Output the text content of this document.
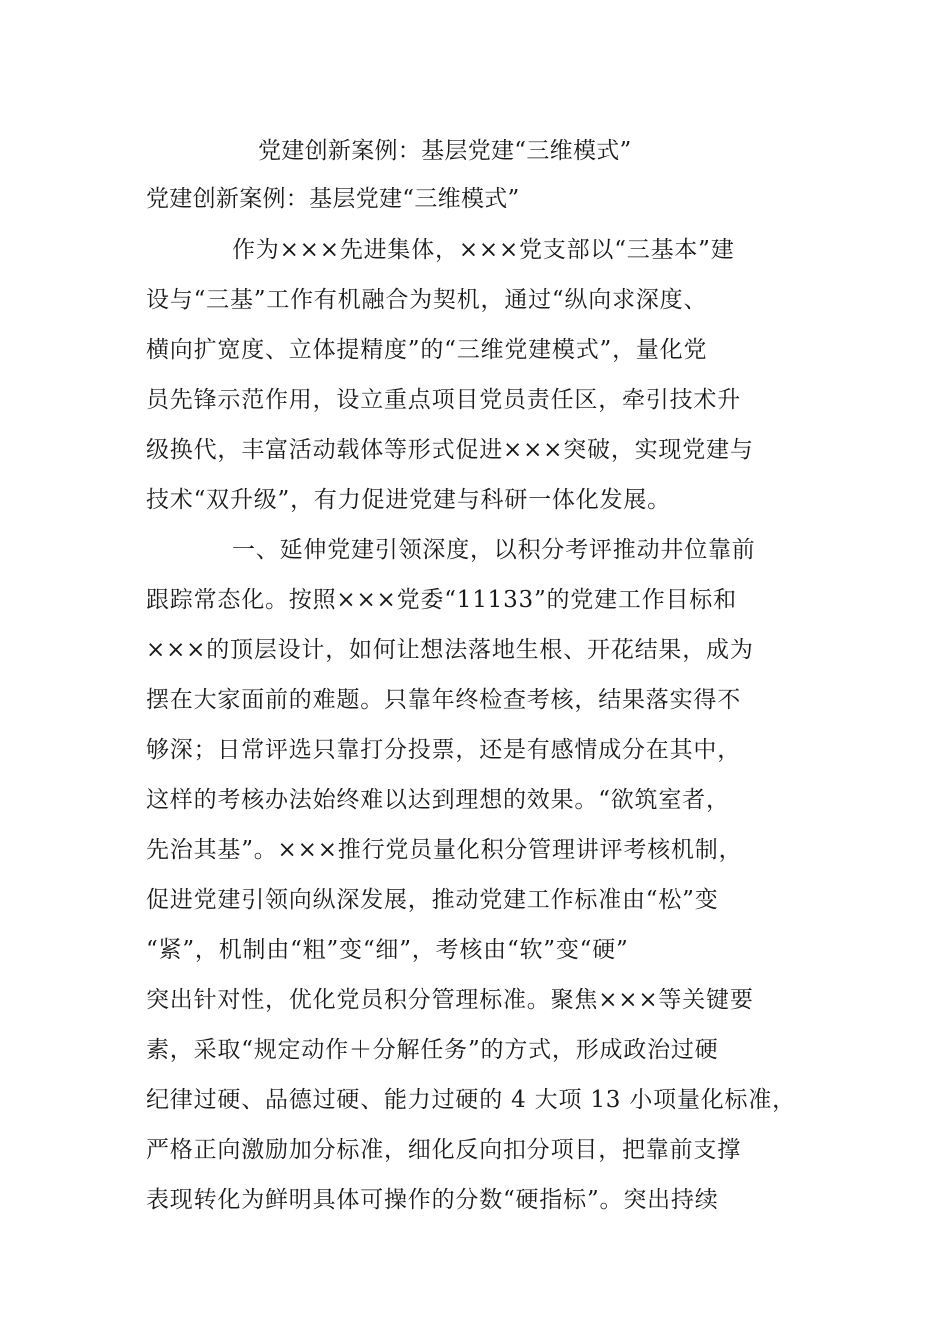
党建创新案例：基层党建“三维模式”
党建创新案例：基层党建“三维模式”
作为×××先进集体，×××党支部以“三基本”建
设与“三基”工作有机融合为契机，通过“纵向求深度、
横向扩宽度、立体提精度”的“三维党建模式”，量化党
员先锋示范作用，设立重点项目党员责任区，牵引技术升
级换代，丰富活动载体等形式促进×××突破，实现党建与
技术“双升级”，有力促进党建与科研一体化发展。
一、延伸党建引领深度，以积分考评推动井位靠前
跟踪常态化。按照×××党委“11133”的党建工作目标和
×××的顶层设计，如何让想法落地生根、开花结果，成为
摆在大家面前的难题。只靠年终检查考核，结果落实得不
够深；日常评选只靠打分投票，还是有感情成分在其中，
这样的考核办法始终难以达到理想的效果。“欲筑室者，
先治其基”。×××推行党员量化积分管理讲评考核机制，
促进党建引领向纵深发展，推动党建工作标准由“松”变
“紧”，机制由“粗”变“细”，考核由“软”变“硬”
突出针对性，优化党员积分管理标准。聚焦×××等关键要
素，采取“规定动作＋分解任务”的方式，形成政治过硬
纪律过硬、品德过硬、能力过硬的 4 大项 13 小项量化标准，
严格正向激励加分标准，细化反向扣分项目，把靠前支撑
表现转化为鲜明具体可操作的分数“硬指标”。突出持续
